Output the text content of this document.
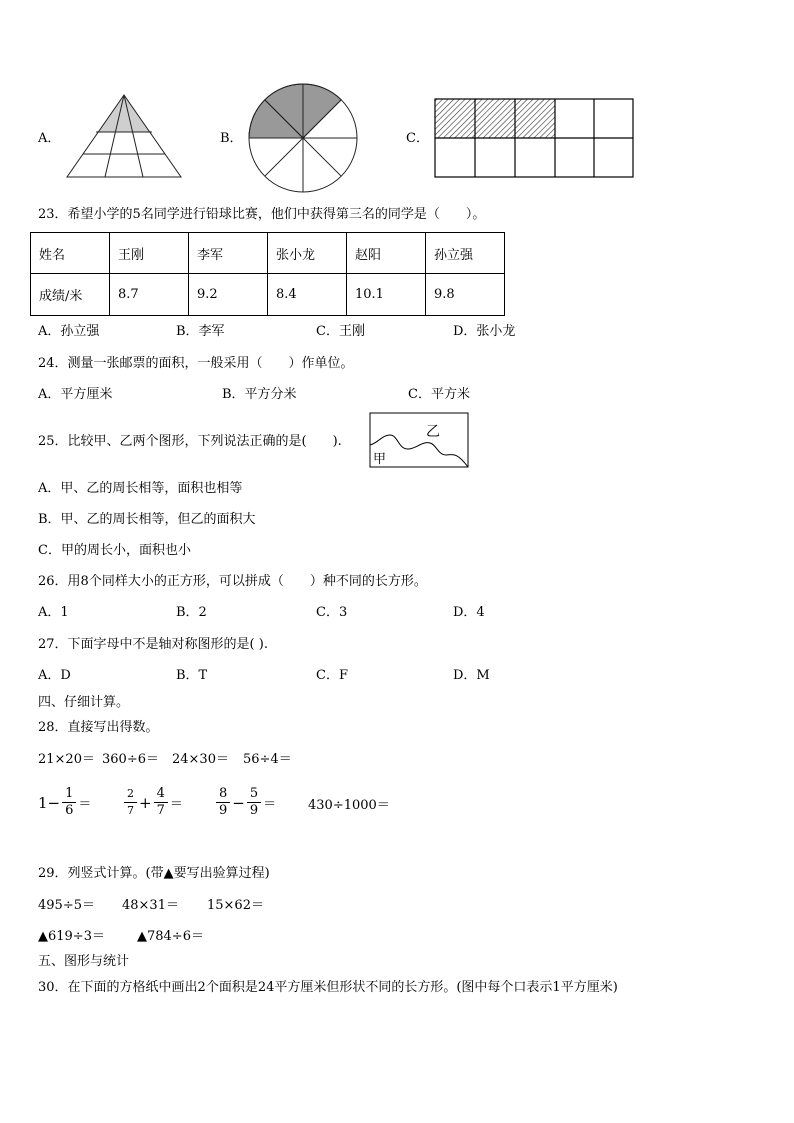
A．	B．	C．
23．希望小学的5名同学进行铅球比赛，他们中获得第三名的同学是（　　）。
姓名	王刚	李军	张小龙	赵阳	孙立强
成绩/米	8.7	9.2	8.4	10.1	9.8
A．孙立强	B．李军	C．王刚	D．张小龙
24．测量一张邮票的面积，一般采用（　　）作单位。
A．平方厘米	B．平方分米	C．平方米
25．比较甲、乙两个图形，下列说法正确的是(　　).
甲
乙
A．甲、乙的周长相等，面积也相等
B．甲、乙的周长相等，但乙的面积大
C．甲的周长小，面积也小
26．用8个同样大小的正方形，可以拼成（　　）种不同的长方形。
A．1	B．2	C．3	D．4
27．下面字母中不是轴对称图形的是( ).
A．D	B．T	C．F	D．M
四、仔细计算。
28．直接写出得数。
21×20＝ 360÷6＝ 24×30＝ 56÷4＝
$1 - \frac{1}{6}$ ＝	$\frac{2}{7} + \frac{4}{7}$ ＝	$\frac{8}{9} - \frac{5}{9} = 430\div 1000=$
29．列竖式计算。(带▲要写出验算过程)
495÷5＝ 48×31＝ 15×62＝
▲619÷3＝ ▲784÷6＝
五、图形与统计
30．在下面的方格纸中画出2个面积是24平方厘米但形状不同的长方形。(图中每个口表示1平方厘米)
